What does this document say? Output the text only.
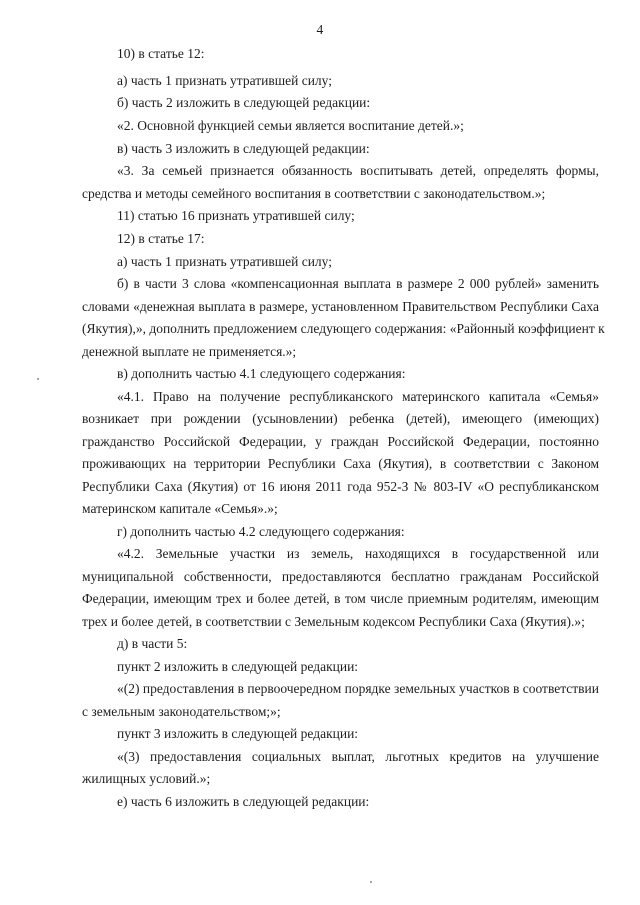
4
10) в статье 12:
а) часть 1 признать утратившей силу;
б) часть 2 изложить в следующей редакции:
«2. Основной функцией семьи является воспитание детей.»;
в) часть 3 изложить в следующей редакции:
«3. За семьей признается обязанность воспитывать детей, определять формы,
средства и методы семейного воспитания в соответствии с законодательством.»;
11) статью 16 признать утратившей силу;
12) в статье 17:
а) часть 1 признать утратившей силу;
б) в части 3 слова «компенсационная выплата в размере 2 000 рублей» заменить
словами «денежная выплата в размере, установленном Правительством Республики Саха
(Якутия),», дополнить предложением следующего содержания: «Районный коэффициент к
денежной выплате не применяется.»;
в) дополнить частью 4.1 следующего содержания:
«4.1. Право на получение республиканского материнского капитала «Семья»
возникает при рождении (усыновлении) ребенка (детей), имеющего (имеющих)
гражданство Российской Федерации, у граждан Российской Федерации, постоянно
проживающих на территории Республики Саха (Якутия), в соответствии с Законом
Республики Саха (Якутия) от 16 июня 2011 года 952-З № 803-IV «О республиканском
материнском капитале «Семья».»;
г) дополнить частью 4.2 следующего содержания:
«4.2. Земельные участки из земель, находящихся в государственной или
муниципальной собственности, предоставляются бесплатно гражданам Российской
Федерации, имеющим трех и более детей, в том числе приемным родителям, имеющим
трех и более детей, в соответствии с Земельным кодексом Республики Саха (Якутия).»;
д) в части 5:
пункт 2 изложить в следующей редакции:
«(2) предоставления в первоочередном порядке земельных участков в соответствии
с земельным законодательством;»;
пункт 3 изложить в следующей редакции:
«(3) предоставления социальных выплат, льготных кредитов на улучшение
жилищных условий.»;
е) часть 6 изложить в следующей редакции:
